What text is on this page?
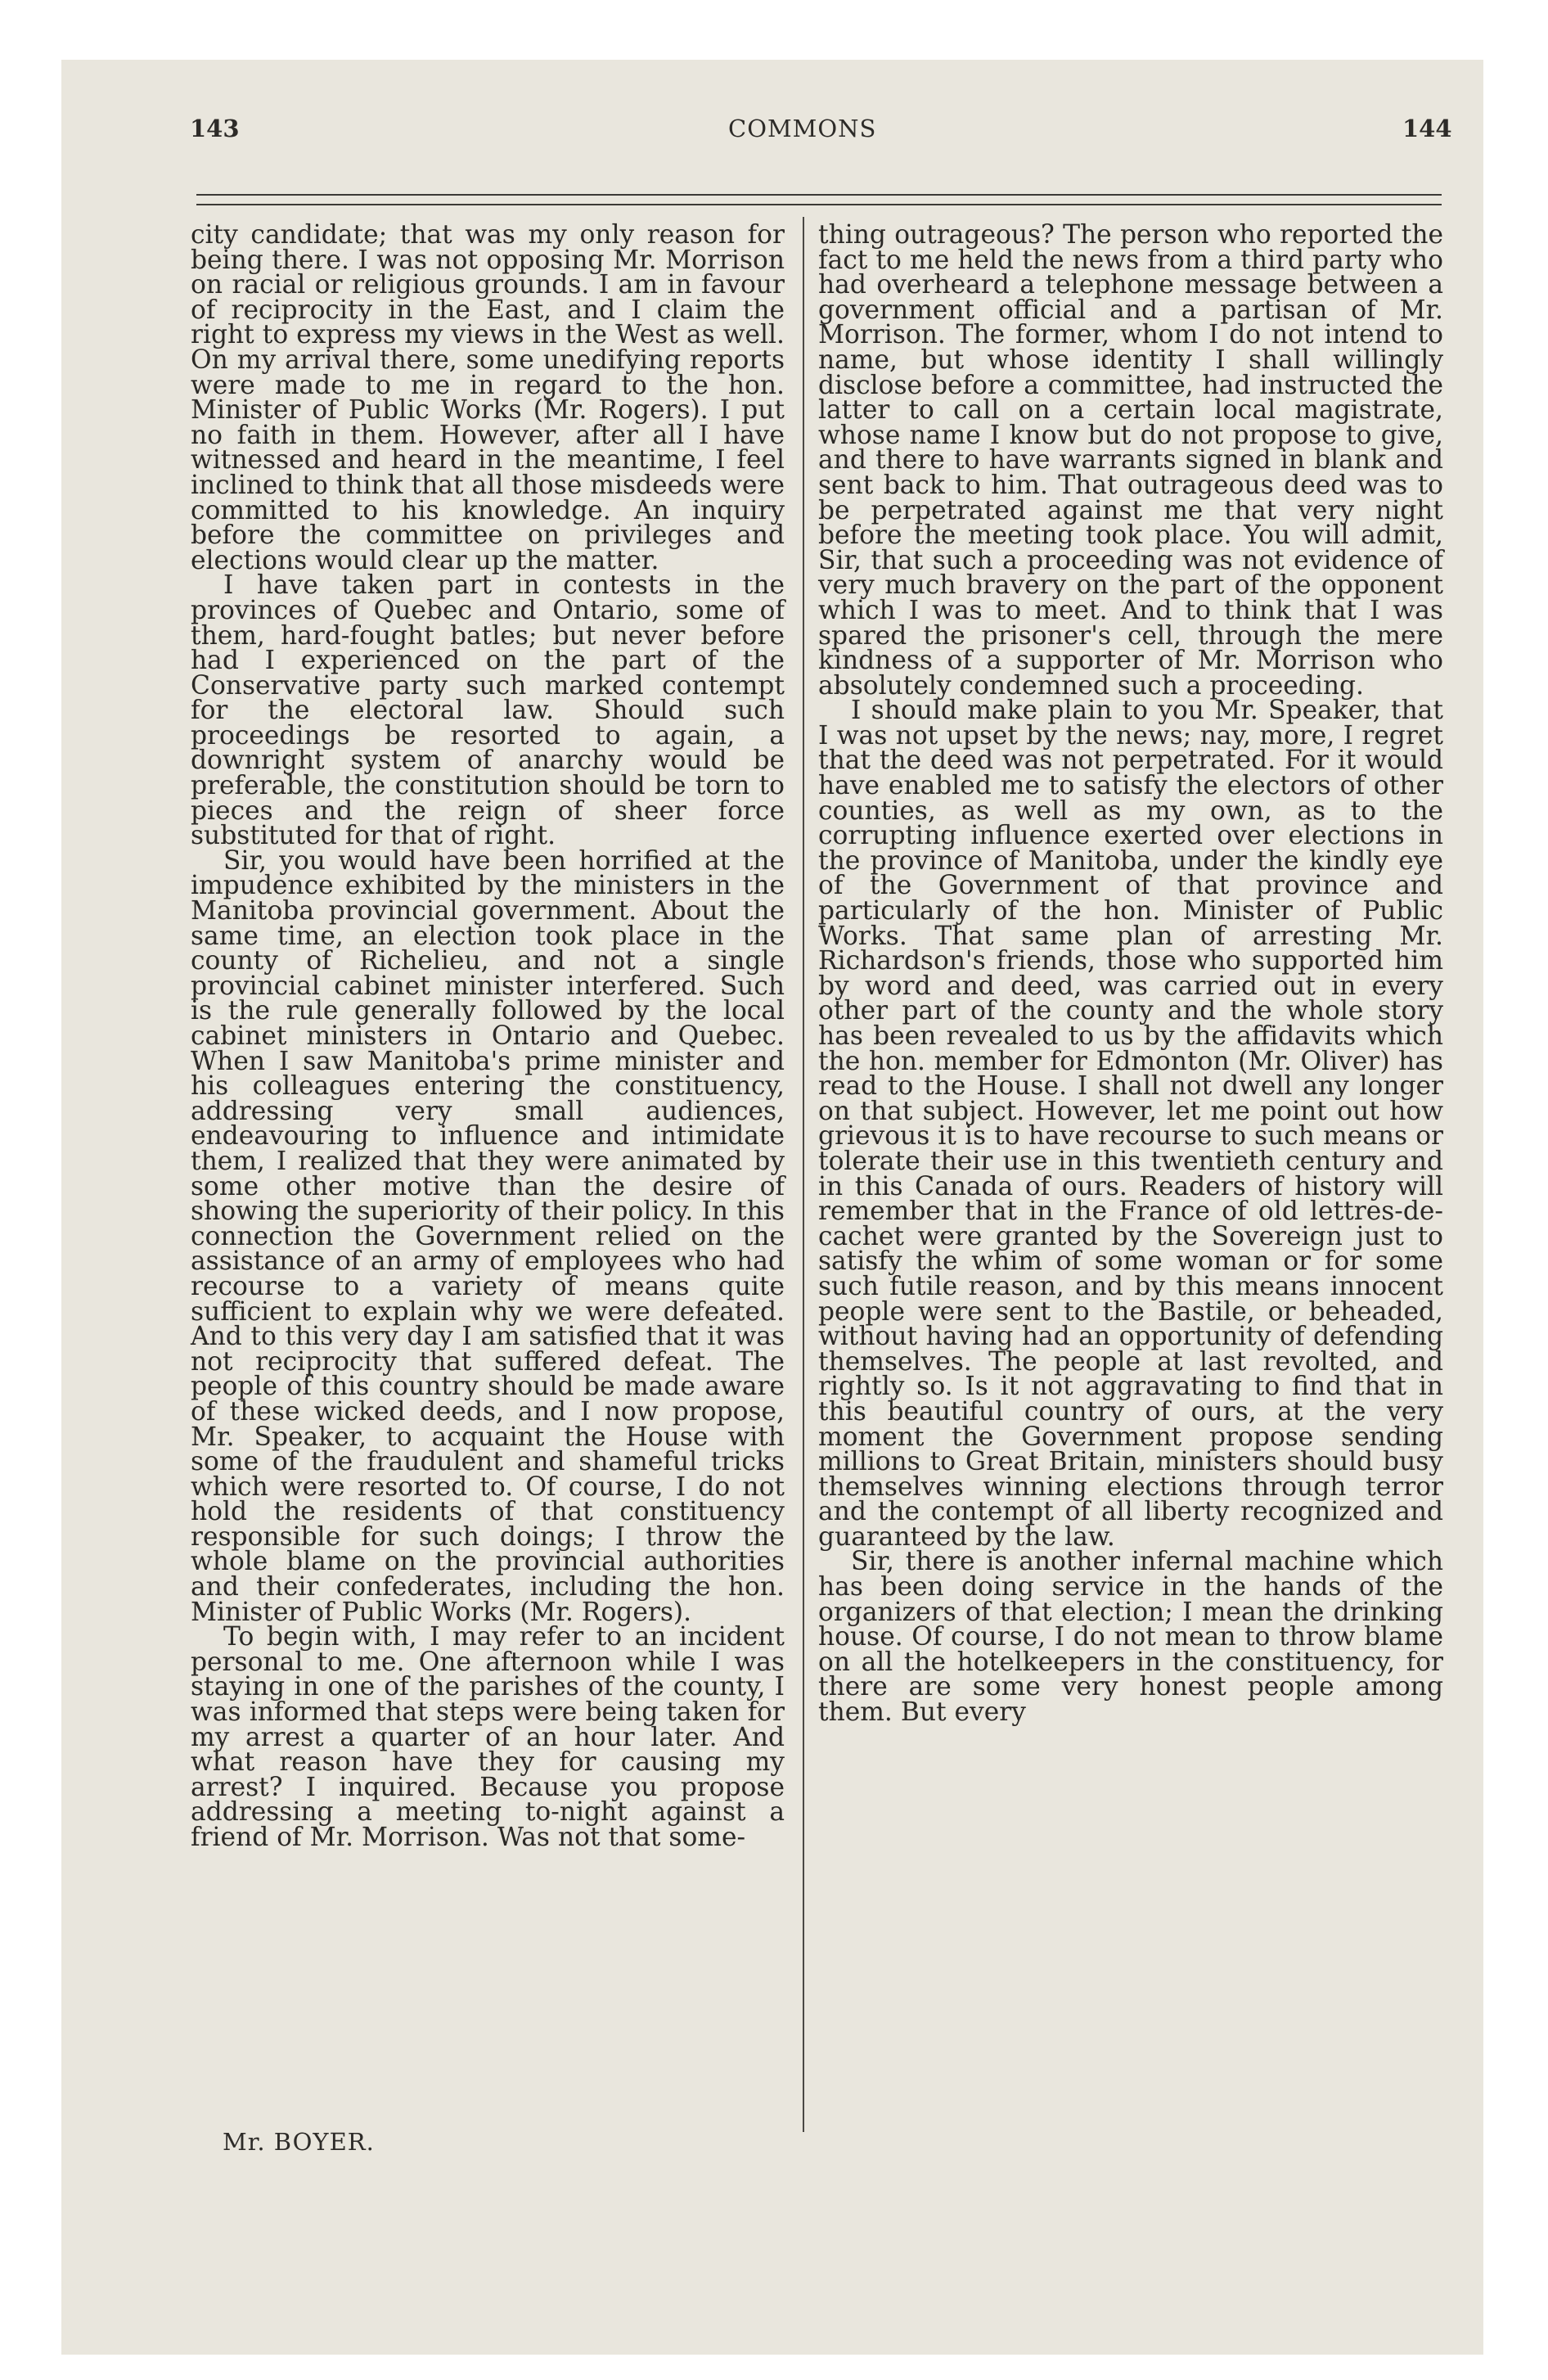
143	COMMONS	144

city candidate; that was my only reason for being there. I was not opposing Mr. Morrison on racial or religious grounds. I am in favour of reciprocity in the East, and I claim the right to express my views in the West as well. On my arrival there, some unedifying reports were made to me in regard to the hon. Minister of Public Works (Mr. Rogers). I put no faith in them. However, after all I have witnessed and heard in the meantime, I feel inclined to think that all those misdeeds were committed to his knowledge. An inquiry before the committee on privileges and elections would clear up the matter.

I have taken part in contests in the provinces of Quebec and Ontario, some of them, hard-fought batles; but never before had I experienced on the part of the Conservative party such marked contempt for the electoral law. Should such proceedings be resorted to again, a downright system of anarchy would be preferable, the constitution should be torn to pieces and the reign of sheer force substituted for that of right.

Sir, you would have been horrified at the impudence exhibited by the ministers in the Manitoba provincial government. About the same time, an election took place in the county of Richelieu, and not a single provincial cabinet minister interfered. Such is the rule generally followed by the local cabinet ministers in Ontario and Quebec. When I saw Manitoba's prime minister and his colleagues entering the constituency, addressing very small audiences, endeavouring to influence and intimidate them, I realized that they were animated by some other motive than the desire of showing the superiority of their policy. In this connection the Government relied on the assistance of an army of employees who had recourse to a variety of means quite sufficient to explain why we were defeated. And to this very day I am satisfied that it was not reciprocity that suffered defeat. The people of this country should be made aware of these wicked deeds, and I now propose, Mr. Speaker, to acquaint the House with some of the fraudulent and shameful tricks which were resorted to. Of course, I do not hold the residents of that constituency responsible for such doings; I throw the whole blame on the provincial authorities and their confederates, including the hon. Minister of Public Works (Mr. Rogers).

To begin with, I may refer to an incident personal to me. One afternoon while I was staying in one of the parishes of the county, I was informed that steps were being taken for my arrest a quarter of an hour later. And what reason have they for causing my arrest? I inquired. Because you propose addressing a meeting to-night against a friend of Mr. Morrison. Was not that some-

Mr. BOYER.

thing outrageous? The person who reported the fact to me held the news from a third party who had overheard a telephone message between a government official and a partisan of Mr. Morrison. The former, whom I do not intend to name, but whose identity I shall willingly disclose before a committee, had instructed the latter to call on a certain local magistrate, whose name I know but do not propose to give, and there to have warrants signed in blank and sent back to him. That outrageous deed was to be perpetrated against me that very night before the meeting took place. You will admit, Sir, that such a proceeding was not evidence of very much bravery on the part of the opponent which I was to meet. And to think that I was spared the prisoner's cell, through the mere kindness of a supporter of Mr. Morrison who absolutely condemned such a proceeding.

I should make plain to you Mr. Speaker, that I was not upset by the news; nay, more, I regret that the deed was not perpetrated. For it would have enabled me to satisfy the electors of other counties, as well as my own, as to the corrupting influence exerted over elections in the province of Manitoba, under the kindly eye of the Government of that province and particularly of the hon. Minister of Public Works. That same plan of arresting Mr. Richardson's friends, those who supported him by word and deed, was carried out in every other part of the county and the whole story has been revealed to us by the affidavits which the hon. member for Edmonton (Mr. Oliver) has read to the House. I shall not dwell any longer on that subject. However, let me point out how grievous it is to have recourse to such means or tolerate their use in this twentieth century and in this Canada of ours. Readers of history will remember that in the France of old lettres-de-cachet were granted by the Sovereign just to satisfy the whim of some woman or for some such futile reason, and by this means innocent people were sent to the Bastile, or beheaded, without having had an opportunity of defending themselves. The people at last revolted, and rightly so. Is it not aggravating to find that in this beautiful country of ours, at the very moment the Government propose sending millions to Great Britain, ministers should busy themselves winning elections through terror and the contempt of all liberty recognized and guaranteed by the law.

Sir, there is another infernal machine which has been doing service in the hands of the organizers of that election; I mean the drinking house. Of course, I do not mean to throw blame on all the hotelkeepers in the constituency, for there are some very honest people among them. But every
